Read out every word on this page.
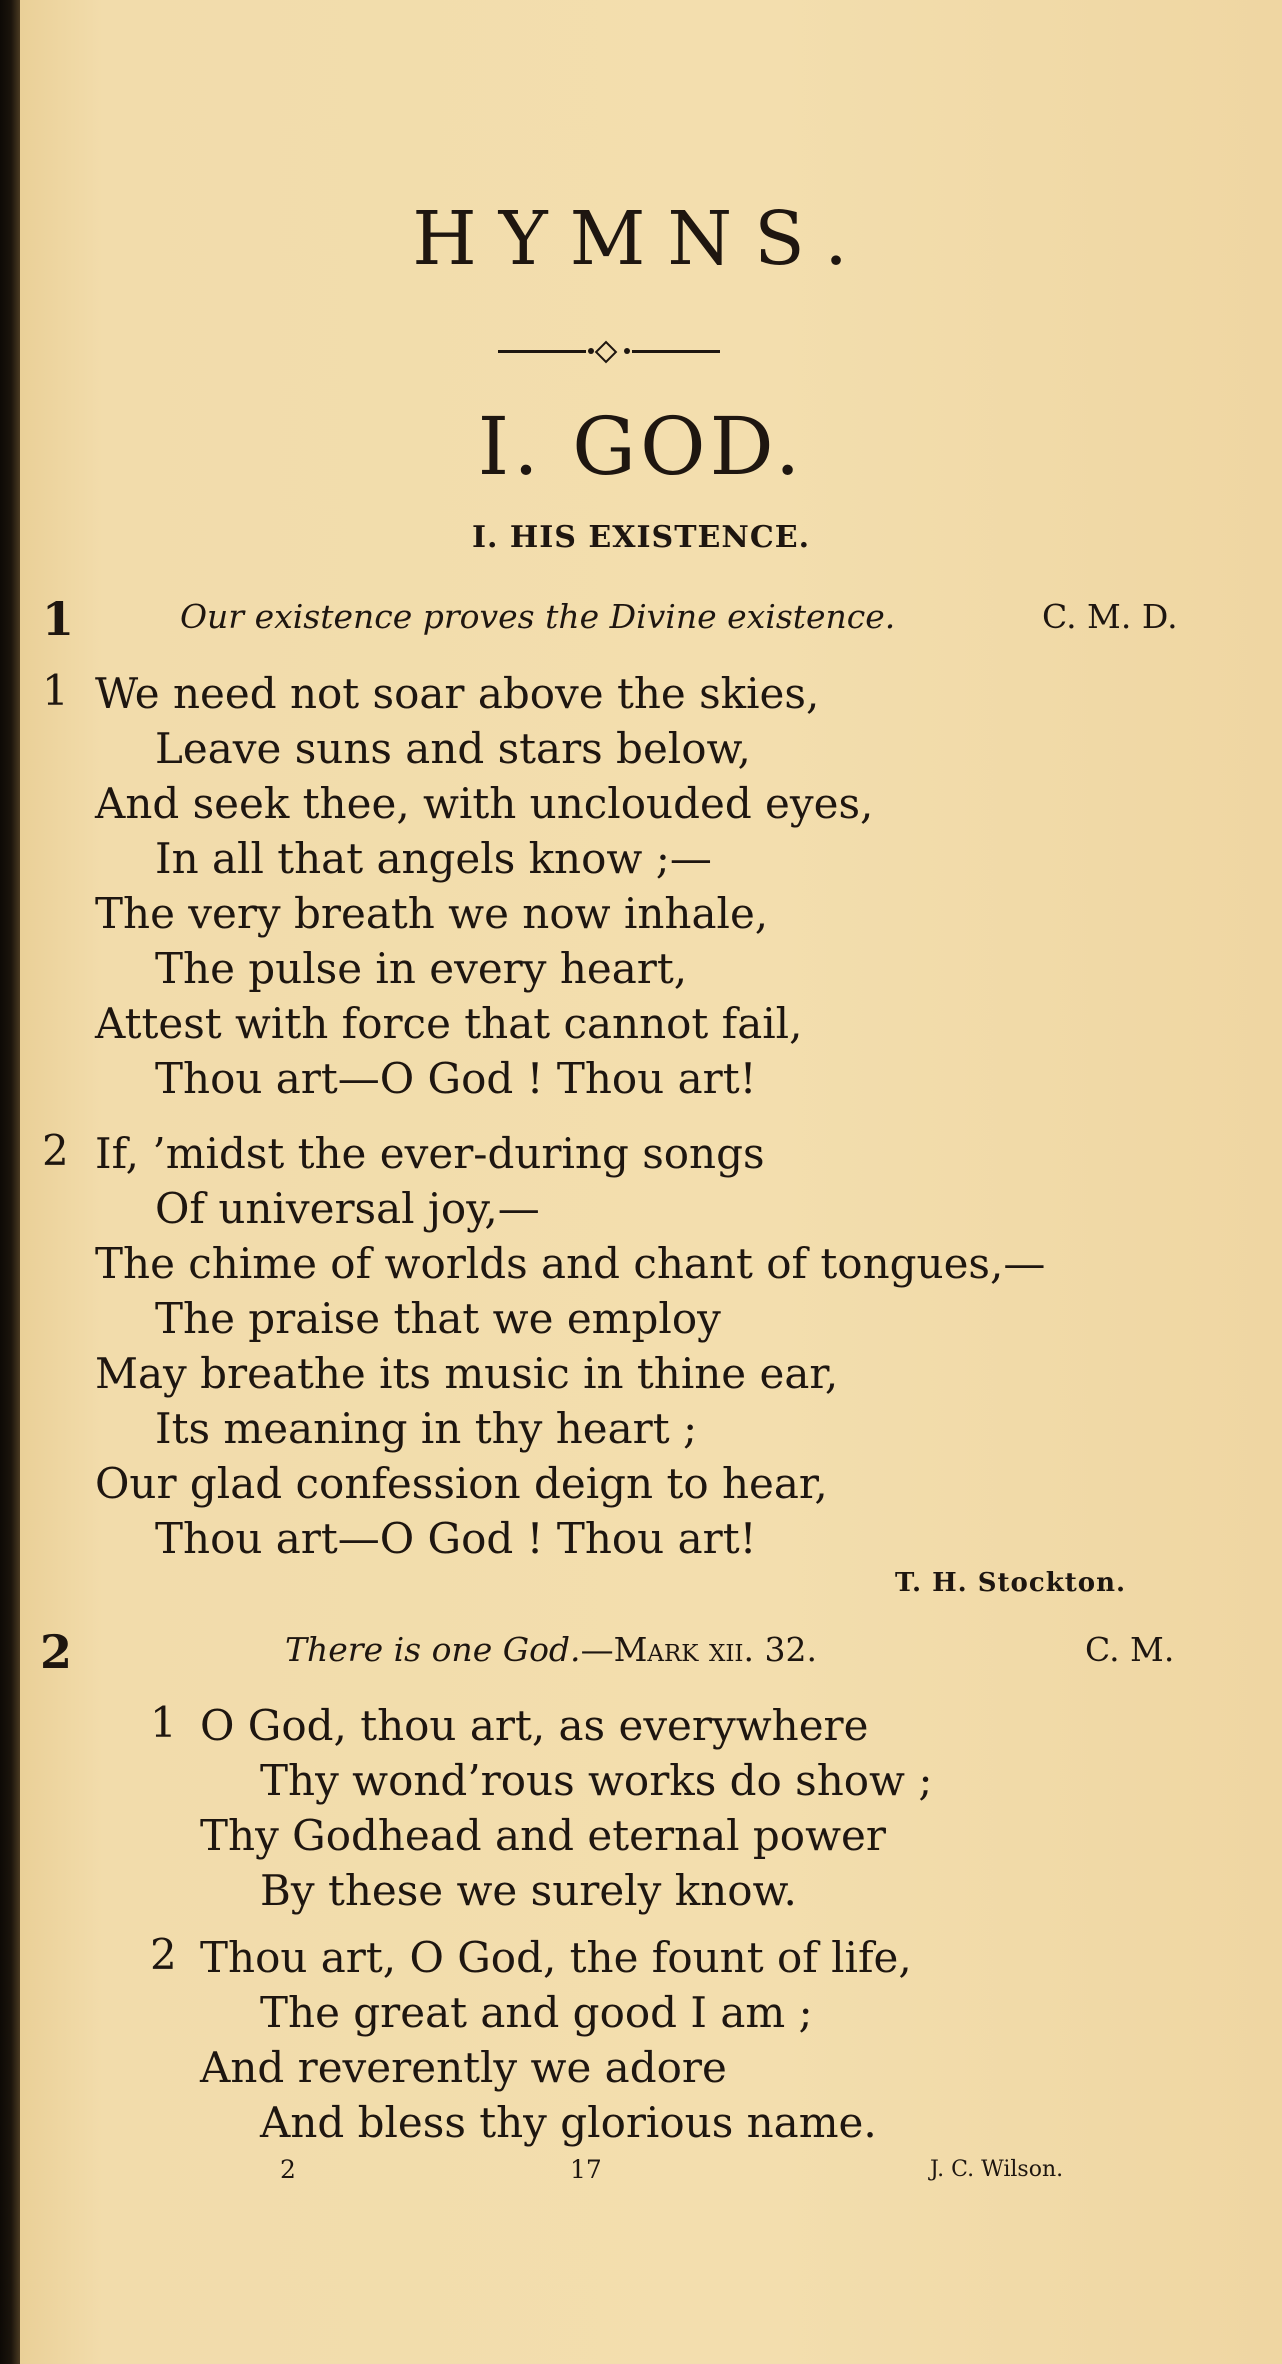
HYMNS.
I. GOD.
I. HIS EXISTENCE.
1	Our existence proves the Divine existence.	C. M. D.
1 We need not soar above the skies,
Leave suns and stars below,
And seek thee, with unclouded eyes,
In all that angels know ;—
The very breath we now inhale,
The pulse in every heart,
Attest with force that cannot fail,
Thou art—O God ! Thou art!
2 If, ’midst the ever-during songs
Of universal joy,—
The chime of worlds and chant of tongues,—
The praise that we employ
May breathe its music in thine ear,
Its meaning in thy heart ;
Our glad confession deign to hear,
Thou art—O God ! Thou art!
T. H. Stockton.
2	There is one God.—Mark xii. 32.	C. M.
1 O God, thou art, as everywhere
Thy wond’rous works do show ;
Thy Godhead and eternal power
By these we surely know.
2 Thou art, O God, the fount of life,
The great and good I am ;
And reverently we adore
And bless thy glorious name.
2	17	J. C. Wilson.
